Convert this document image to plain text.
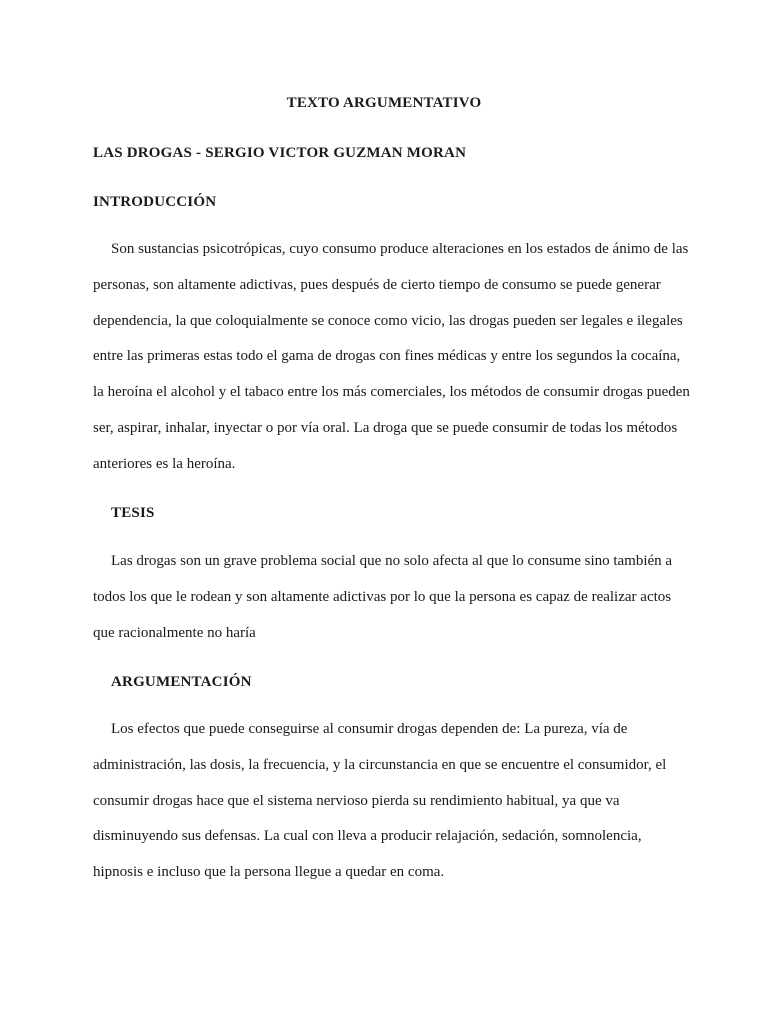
TEXTO ARGUMENTATIVO
LAS DROGAS - SERGIO VICTOR GUZMAN MORAN
INTRODUCCIÓN

Son sustancias psicotrópicas, cuyo consumo produce alteraciones en los estados de ánimo de las personas, son altamente adictivas, pues después de cierto tiempo de consumo se puede generar dependencia, la que coloquialmente se conoce como vicio, las drogas pueden ser legales e ilegales entre las primeras estas todo el gama de drogas con fines médicas y entre los segundos la cocaína, la heroína el alcohol y el tabaco entre los más comerciales, los métodos de consumir drogas pueden ser, aspirar, inhalar, inyectar o por vía oral. La droga que se puede consumir de todas los métodos anteriores es la heroína.

TESIS

Las drogas son un grave problema social que no solo afecta al que lo consume sino también a todos los que le rodean y son altamente adictivas por lo que la persona es capaz de realizar actos que racionalmente no haría

ARGUMENTACIÓN

Los efectos que puede conseguirse al consumir drogas dependen de: La pureza, vía de administración, las dosis, la frecuencia, y la circunstancia en que se encuentre el consumidor, el consumir drogas hace que el sistema nervioso pierda su rendimiento habitual, ya que va disminuyendo sus defensas. La cual con lleva a producir relajación, sedación, somnolencia, hipnosis e incluso que la persona llegue a quedar en coma.
